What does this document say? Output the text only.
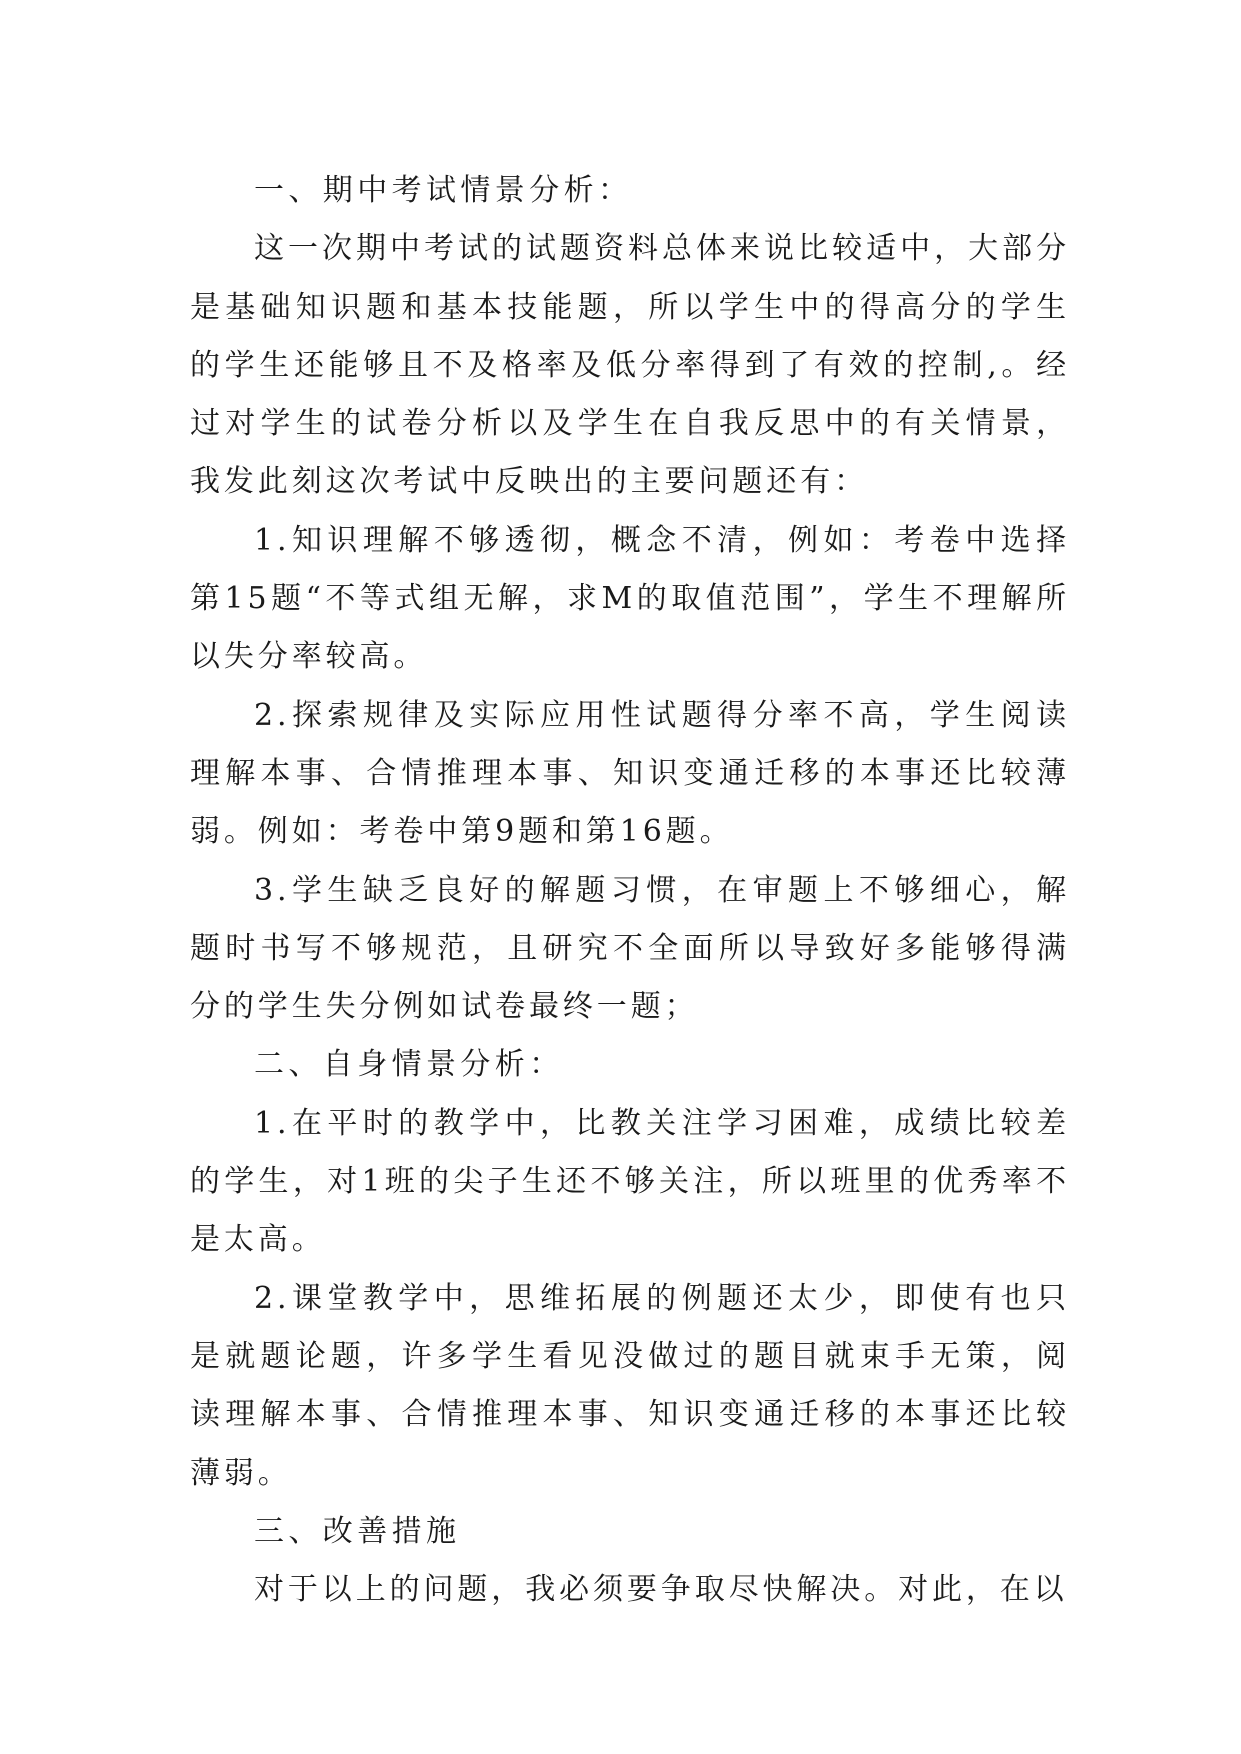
一、期中考试情景分析：

这一次期中考试的试题资料总体来说比较适中，大部分是基础知识题和基本技能题，所以学生中的得高分的学生的学生还能够且不及格率及低分率得到了有效的控制,。经过对学生的试卷分析以及学生在自我反思中的有关情景，我发此刻这次考试中反映出的主要问题还有：

1.知识理解不够透彻，概念不清，例如：考卷中选择第15题“不等式组无解，求M的取值范围”，学生不理解所以失分率较高。

2.探索规律及实际应用性试题得分率不高，学生阅读理解本事、合情推理本事、知识变通迁移的本事还比较薄弱。例如：考卷中第9题和第16题。

3.学生缺乏良好的解题习惯，在审题上不够细心，解题时书写不够规范，且研究不全面所以导致好多能够得满分的学生失分例如试卷最终一题；

二、自身情景分析：

1.在平时的教学中，比教关注学习困难，成绩比较差的学生，对1班的尖子生还不够关注，所以班里的优秀率不是太高。

2.课堂教学中，思维拓展的例题还太少，即使有也只是就题论题，许多学生看见没做过的题目就束手无策，阅读理解本事、合情推理本事、知识变通迁移的本事还比较薄弱。

三、改善措施

对于以上的问题，我必须要争取尽快解决。对此，在以
